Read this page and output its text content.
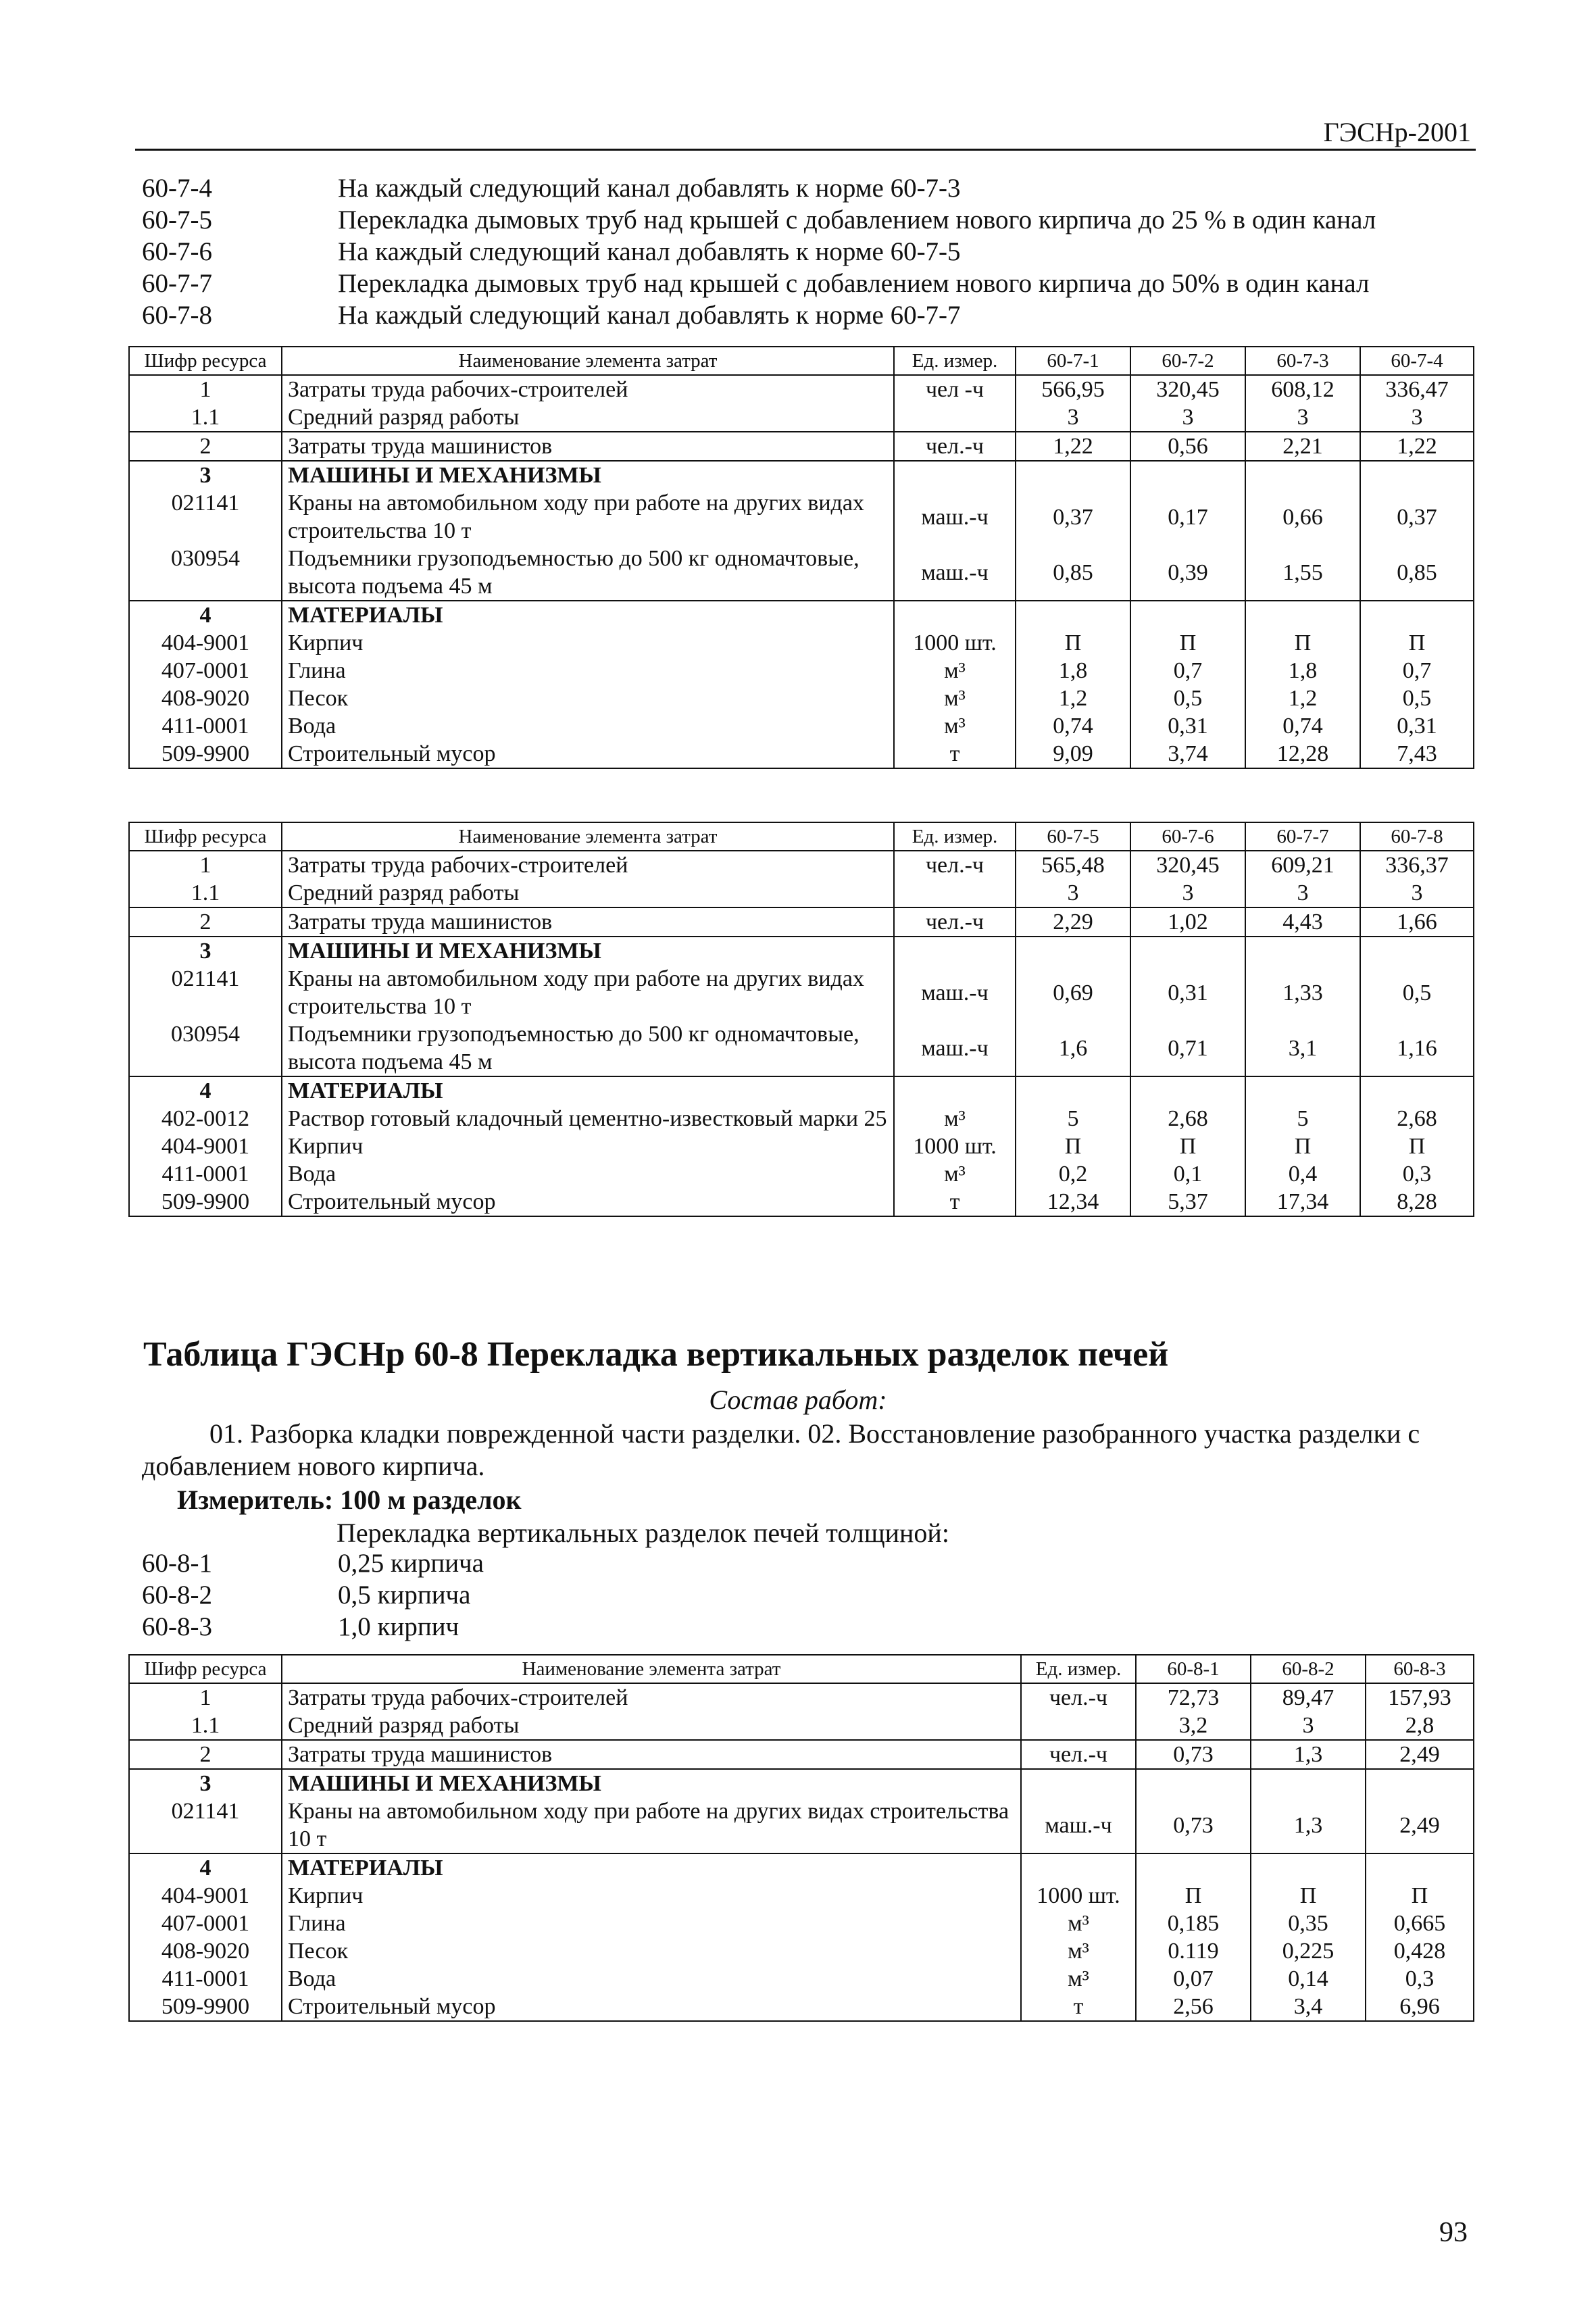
ГЭСНр-2001
60-7-4	На каждый следующий канал добавлять к норме 60-7-3
60-7-5	Перекладка дымовых труб над крышей с добавлением нового кирпича до 25 % в один канал
60-7-6	На каждый следующий канал добавлять к норме 60-7-5
60-7-7	Перекладка дымовых труб над крышей с добавлением нового кирпича до 50% в один канал
60-7-8	На каждый следующий канал добавлять к норме 60-7-7
Шифр ресурса	Наименование элемента затрат	Ед. измер.	60-7-1	60-7-2	60-7-3	60-7-4
1	Затраты труда рабочих-строителей	чел -ч	566,95	320,45	608,12	336,47
1.1	Средний разряд работы		3	3	3	3
2	Затраты труда машинистов	чел.-ч	1,22	0,56	2,21	1,22
3	МАШИНЫ И МЕХАНИЗМЫ					
021141	Краны на автомобильном ходу при работе на других видах строительства 10 т	маш.-ч	0,37	0,17	0,66	0,37
030954	Подъемники грузоподъемностью до 500 кг одномачтовые, высота подъема 45 м	маш.-ч	0,85	0,39	1,55	0,85
4	МАТЕРИАЛЫ					
404-9001	Кирпич	1000 шт.	П	П	П	П
407-0001	Глина	м³	1,8	0,7	1,8	0,7
408-9020	Песок	м³	1,2	0,5	1,2	0,5
411-0001	Вода	м³	0,74	0,31	0,74	0,31
509-9900	Строительный мусор	т	9,09	3,74	12,28	7,43
Шифр ресурса	Наименование элемента затрат	Ед. измер.	60-7-5	60-7-6	60-7-7	60-7-8
1	Затраты труда рабочих-строителей	чел.-ч	565,48	320,45	609,21	336,37
1.1	Средний разряд работы		3	3	3	3
2	Затраты труда машинистов	чел.-ч	2,29	1,02	4,43	1,66
3	МАШИНЫ И МЕХАНИЗМЫ					
021141	Краны на автомобильном ходу при работе на других видах строительства 10 т	маш.-ч	0,69	0,31	1,33	0,5
030954	Подъемники грузоподъемностью до 500 кг одномачтовые, высота подъема 45 м	маш.-ч	1,6	0,71	3,1	1,16
4	МАТЕРИАЛЫ					
402-0012	Раствор готовый кладочный цементно-известковый марки 25	м³	5	2,68	5	2,68
404-9001	Кирпич	1000 шт.	П	П	П	П
411-0001	Вода	м³	0,2	0,1	0,4	0,3
509-9900	Строительный мусор	т	12,34	5,37	17,34	8,28
Таблица ГЭСНр 60-8 Перекладка вертикальных разделок печей
Состав работ:
01. Разборка кладки поврежденной части разделки. 02. Восстановление разобранного участка разделки с добавлением нового кирпича.
Измеритель: 100 м разделок
Перекладка вертикальных разделок печей толщиной:
60-8-1	0,25 кирпича
60-8-2	0,5 кирпича
60-8-3	1,0 кирпич
Шифр ресурса	Наименование элемента затрат	Ед. измер.	60-8-1	60-8-2	60-8-3
1	Затраты труда рабочих-строителей	чел.-ч	72,73	89,47	157,93
1.1	Средний разряд работы		3,2	3	2,8
2	Затраты труда машинистов	чел.-ч	0,73	1,3	2,49
3	МАШИНЫ И МЕХАНИЗМЫ				
021141	Краны на автомобильном ходу при работе на других видах строительства 10 т	маш.-ч	0,73	1,3	2,49
4	МАТЕРИАЛЫ				
404-9001	Кирпич	1000 шт.	П	П	П
407-0001	Глина	м³	0,185	0,35	0,665
408-9020	Песок	м³	0.119	0,225	0,428
411-0001	Вода	м³	0,07	0,14	0,3
509-9900	Строительный мусор	т	2,56	3,4	6,96
93
